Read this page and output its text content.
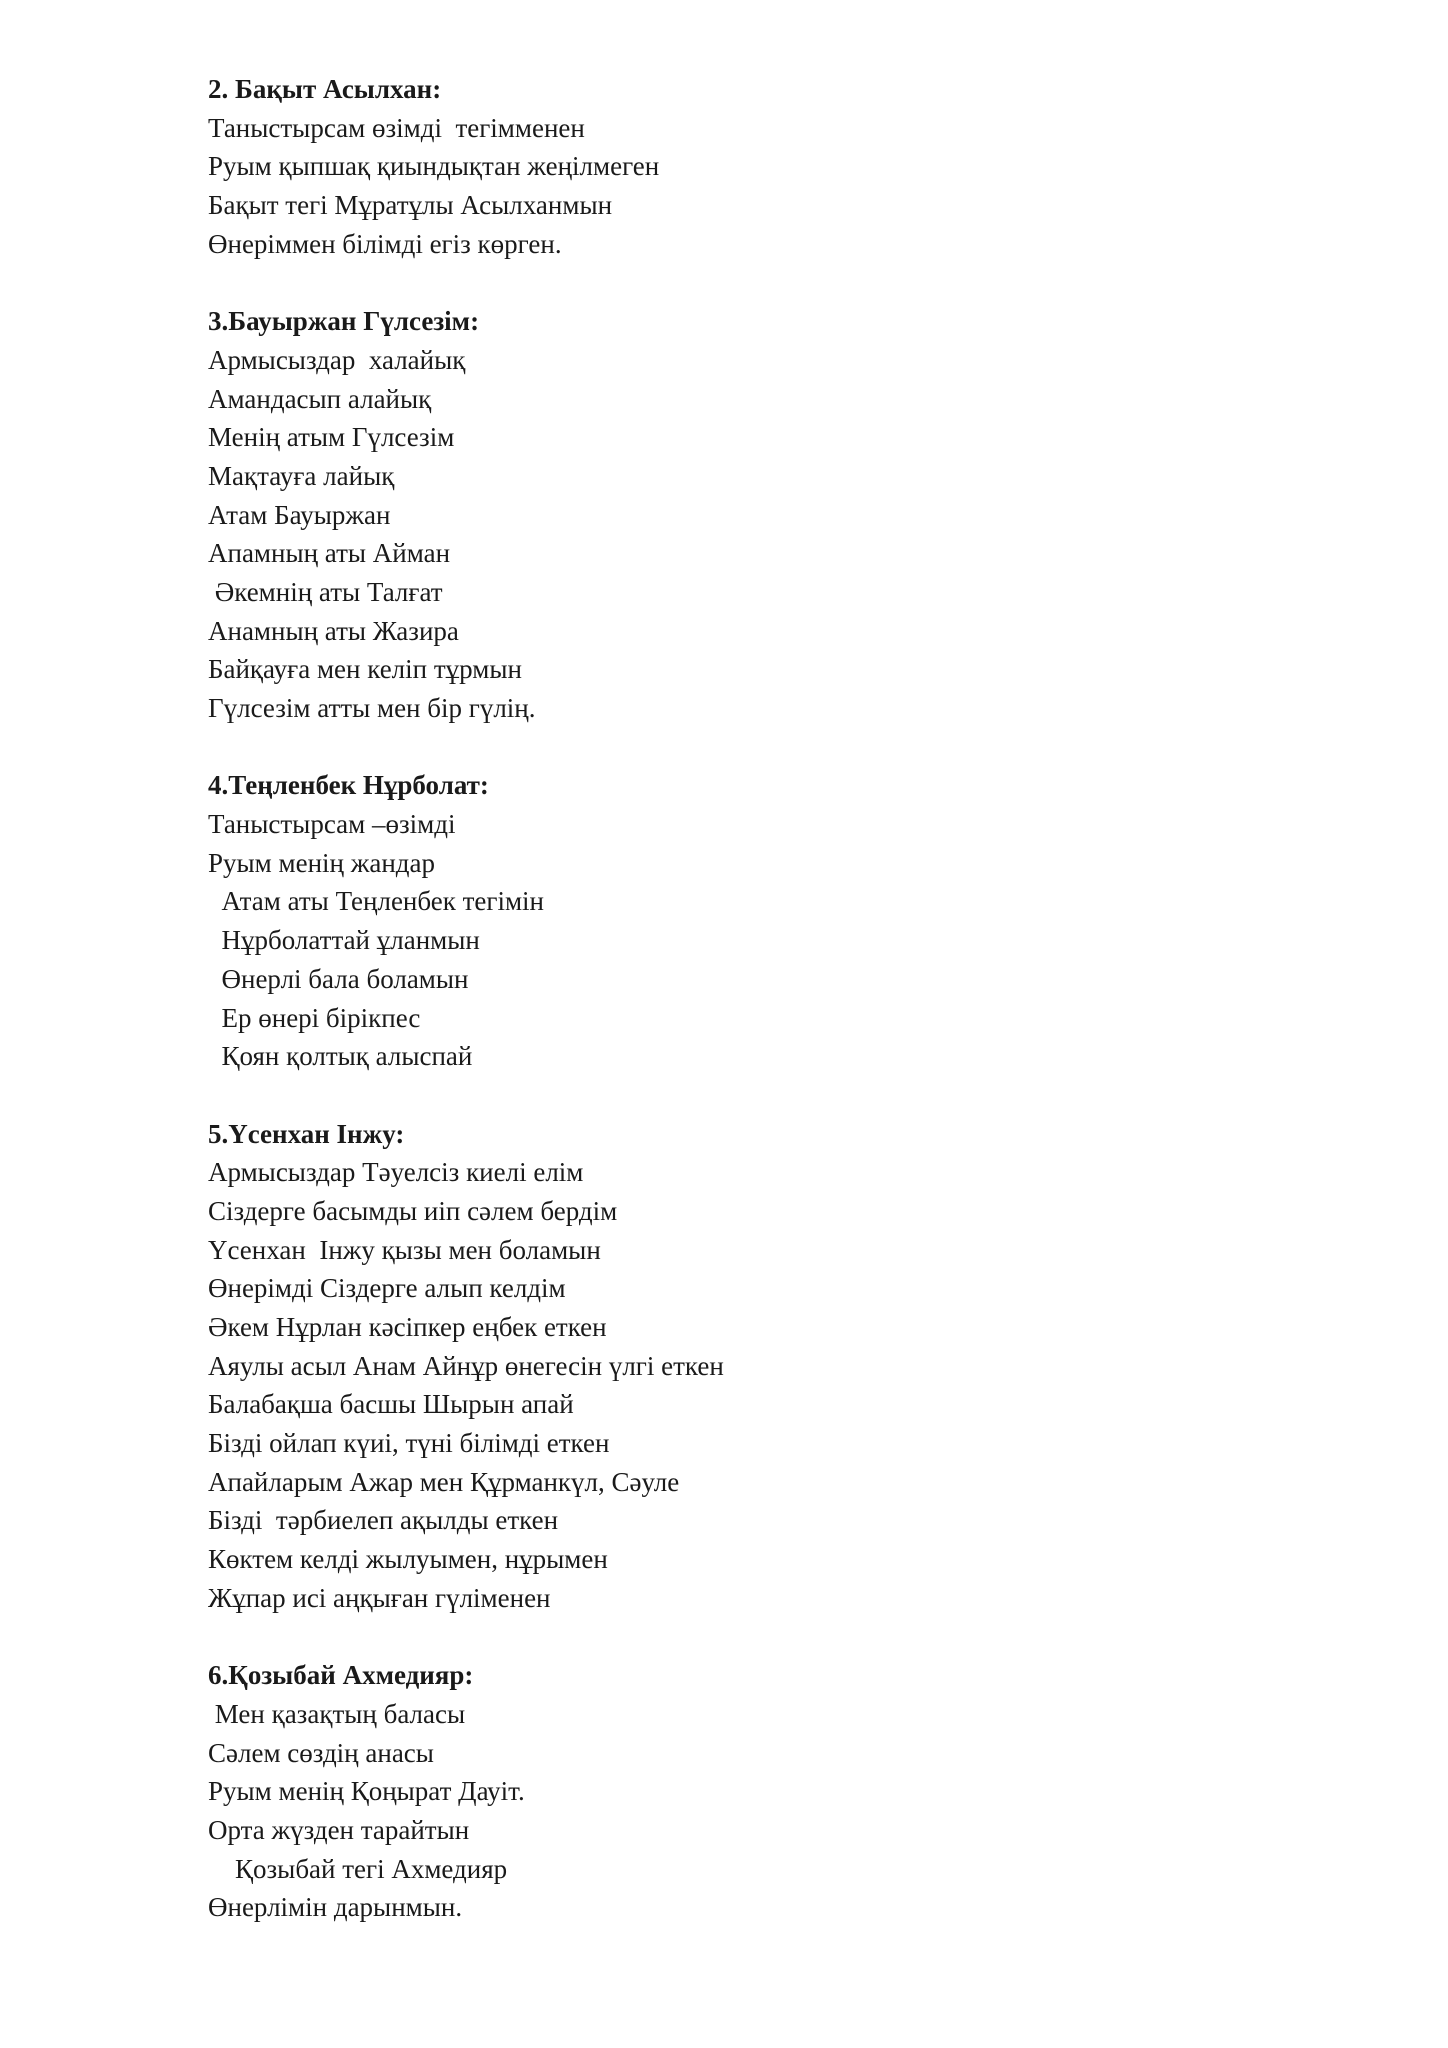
2. Бақыт Асылхан:
Таныстырсам өзімді  тегімменен
Руым қыпшақ қиындықтан жеңілмеген
Бақыт тегі Мұратұлы Асылханмын
Өнеріммен білімді егіз көрген.
3.Бауыржан Гүлсезім:
Армысыздар  халайық
Амандасып алайық
Менің атым Гүлсезім
Мақтауға лайық
Атам Бауыржан
Апамның аты Айман
Әкемнің аты Талғат
Анамның аты Жазира
Байқауға мен келіп тұрмын
Гүлсезім атты мен бір гүлің.
4.Теңленбек Нұрболат:
Таныстырсам –өзімді
Руым менің жандар
Атам аты Теңленбек тегімін
Нұрболаттай ұланмын
Өнерлі бала боламын
Ер өнері бірікпес
Қоян қолтық алыспай
5.Үсенхан Інжу:
Армысыздар Тәуелсіз киелі елім
Сіздерге басымды иіп сәлем бердім
Үсенхан  Інжу қызы мен боламын
Өнерімді Сіздерге алып келдім
Әкем Нұрлан кәсіпкер еңбек еткен
Аяулы асыл Анам Айнұр өнегесін үлгі еткен
Балабақша басшы Шырын апай
Бізді ойлап күиі, түні білімді еткен
Апайларым Ажар мен Құрманкүл, Сәуле
Бізді  тәрбиелеп ақылды еткен
Көктем келді жылуымен, нұрымен
Жұпар исі аңқыған гүліменен
6.Қозыбай Ахмедияр:
Мен қазақтың баласы
Сәлем сөздің анасы
Руым менің Қоңырат Дауіт.
Орта жүзден тарайтын
Қозыбай тегі Ахмедияр
Өнерлімін дарынмын.
